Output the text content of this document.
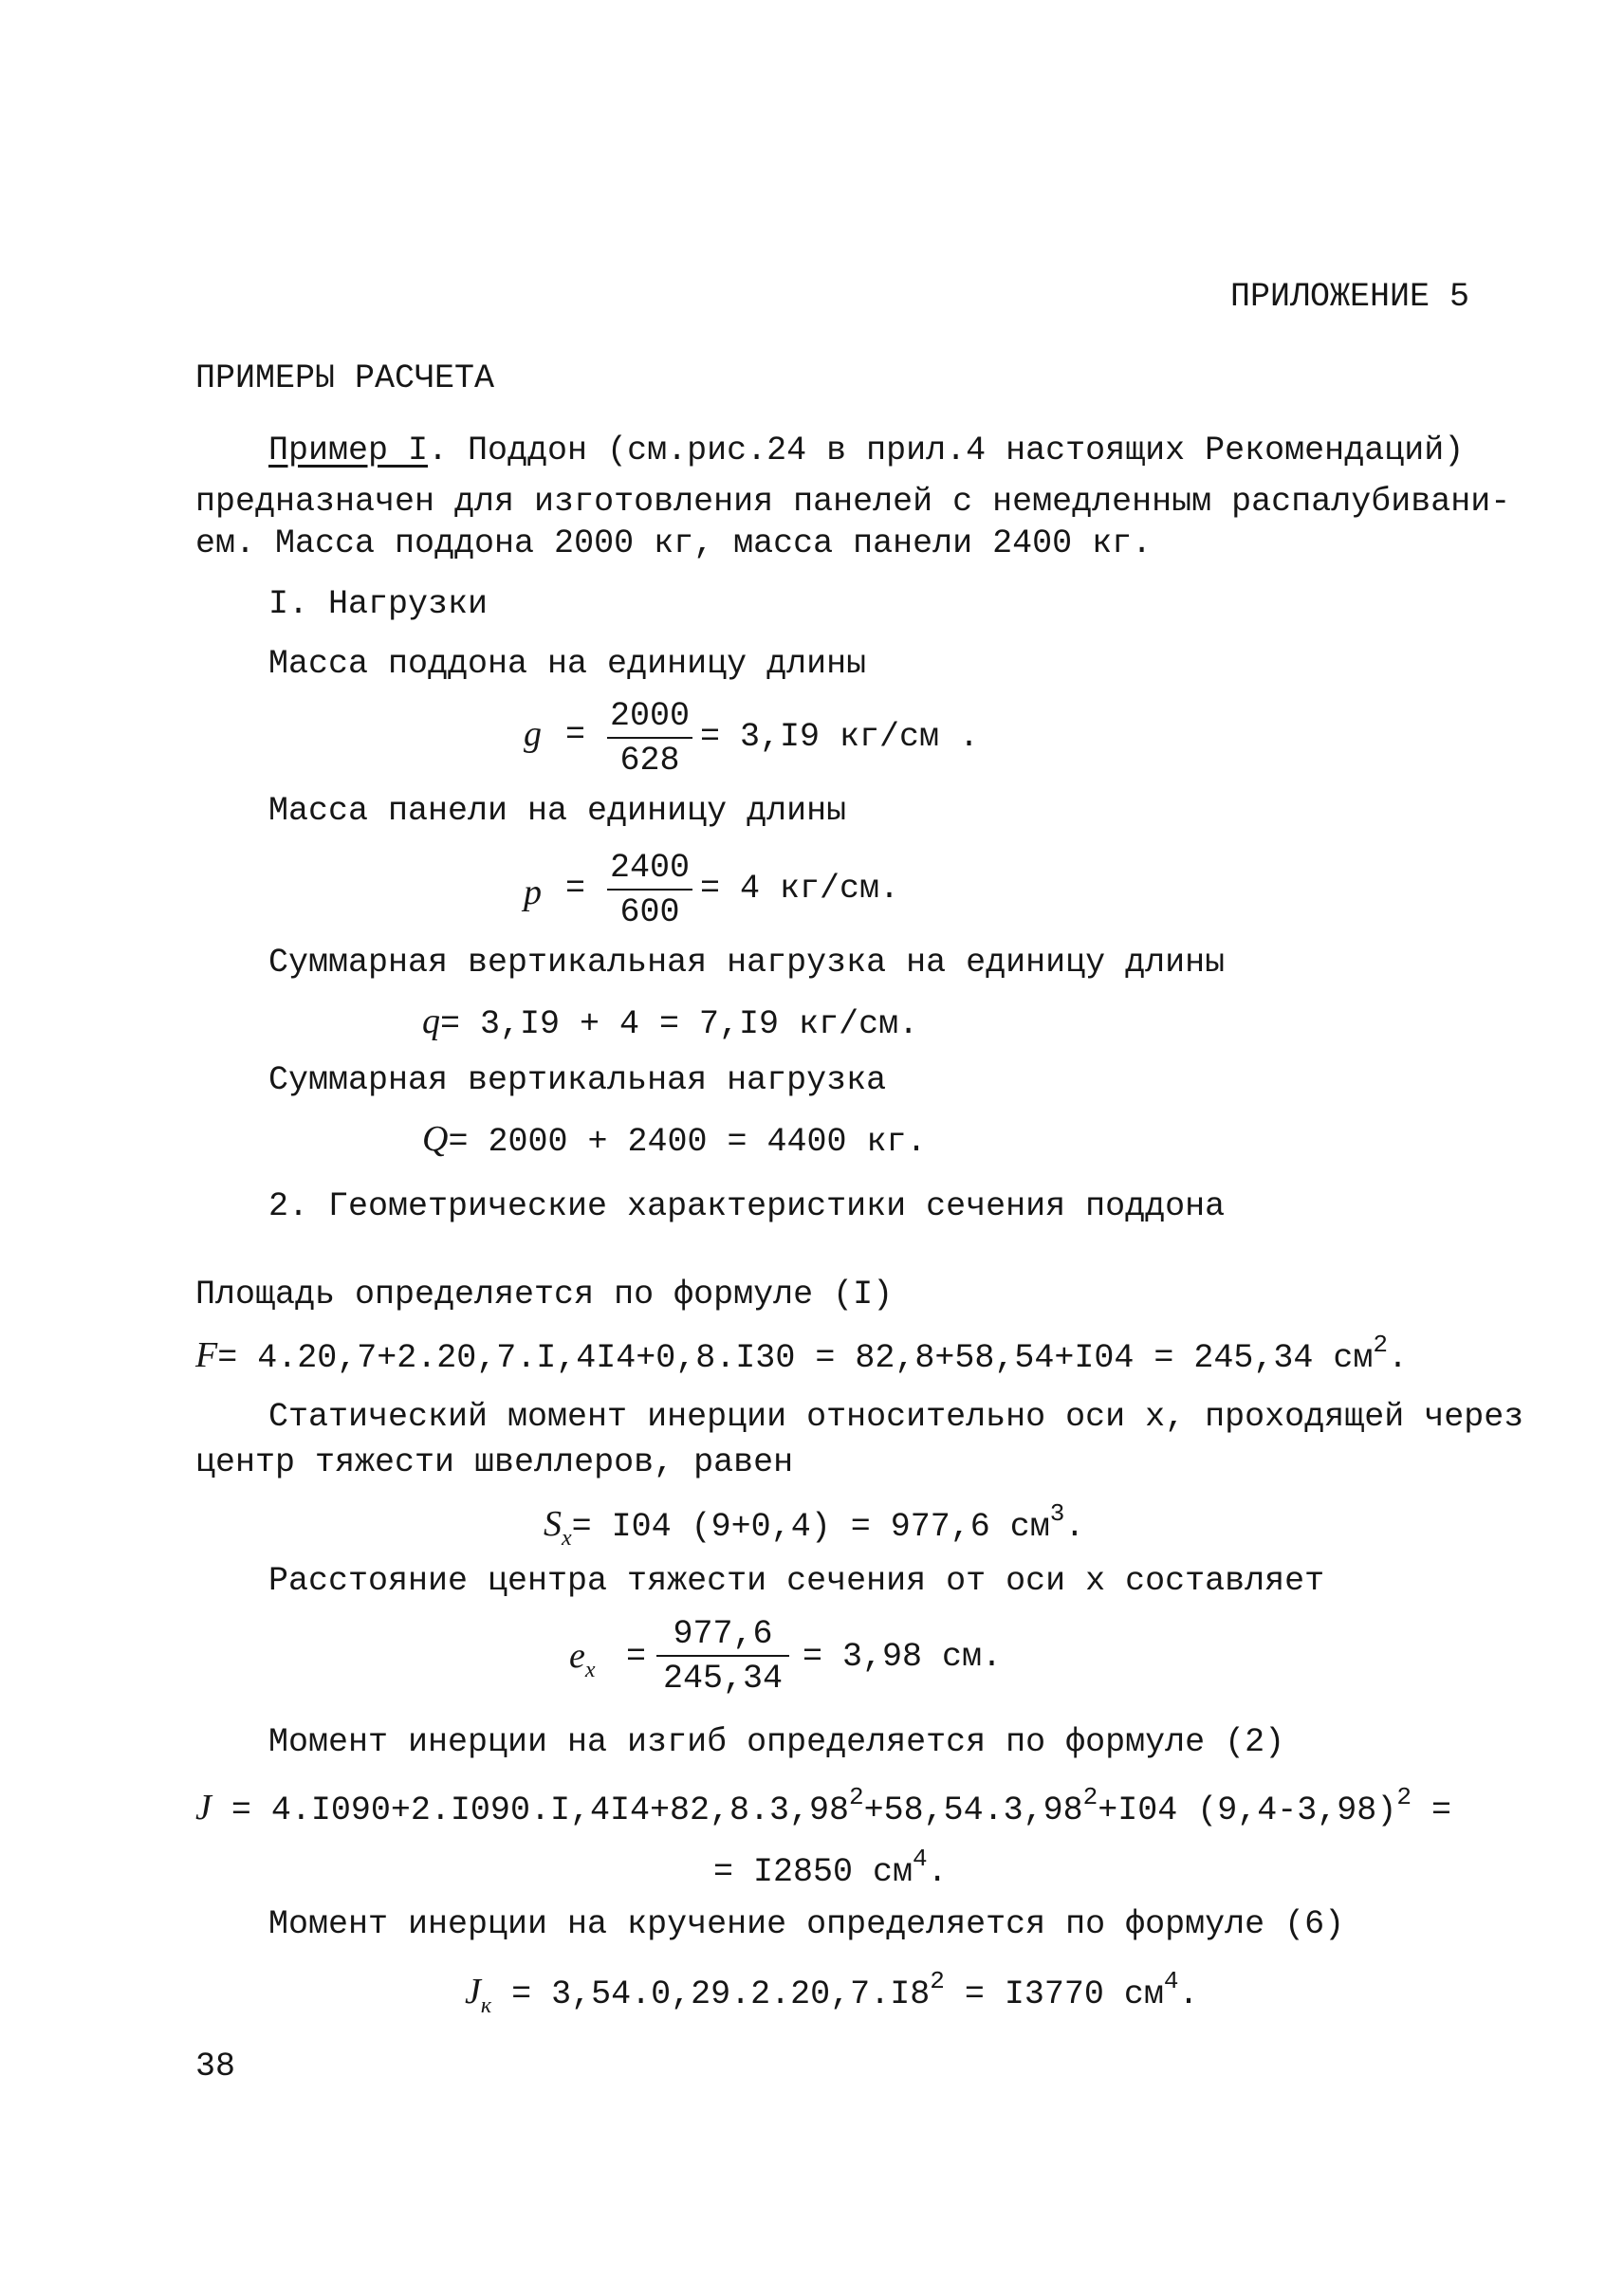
ПРИЛОЖЕНИЕ 5
ПРИМЕРЫ РАСЧЕТА
Пример I. Поддон (см.рис.24 в прил.4 настоящих Рекомендаций)
предназначен для изготовления панелей с немедленным распалубивани-
ем. Масса поддона 2000 кг, масса панели 2400 кг.
I. Нагрузки
Масса поддона на единицу длины
$g = \frac{2000}{628} = 3,I9$ кг/см .
Масса панели на единицу длины
$p = \frac{2400}{600} = 4$ кг/см.
Суммарная вертикальная нагрузка на единицу длины
q= 3,I9 + 4 = 7,I9 кг/см.
Суммарная вертикальная нагрузка
Q= 2000 + 2400 = 4400 кг.
2. Геометрические характеристики сечения поддона
Площадь определяется по формуле (I)
F= 4.20,7+2.20,7.I,4I4+0,8.I30 = 82,8+58,54+I04 = 245,34 $см^2$.
Статический момент инерции относительно оси x, проходящей через
центр тяжести швеллеров, равен
$S_x= I04$ (9+0,4) = 977,6 $см^3$.
Расстояние центра тяжести сечения от оси x составляет
$e_x = \frac{977,6}{245,34} = 3,98$ см.
Момент инерции на изгиб определяется по формуле (2)
$J = 4.I090+2.I090.I,4I4+82,8.3,98^2+58,54.3,98^2+I04$ $(9,4-3,98)^2$ =
= I2850 $см^4$.
Момент инерции на кручение определяется по формуле (6)
$J_к = 3,54.0,29.2.20,7.I8^2 = I3770$ $см^4$.
38
